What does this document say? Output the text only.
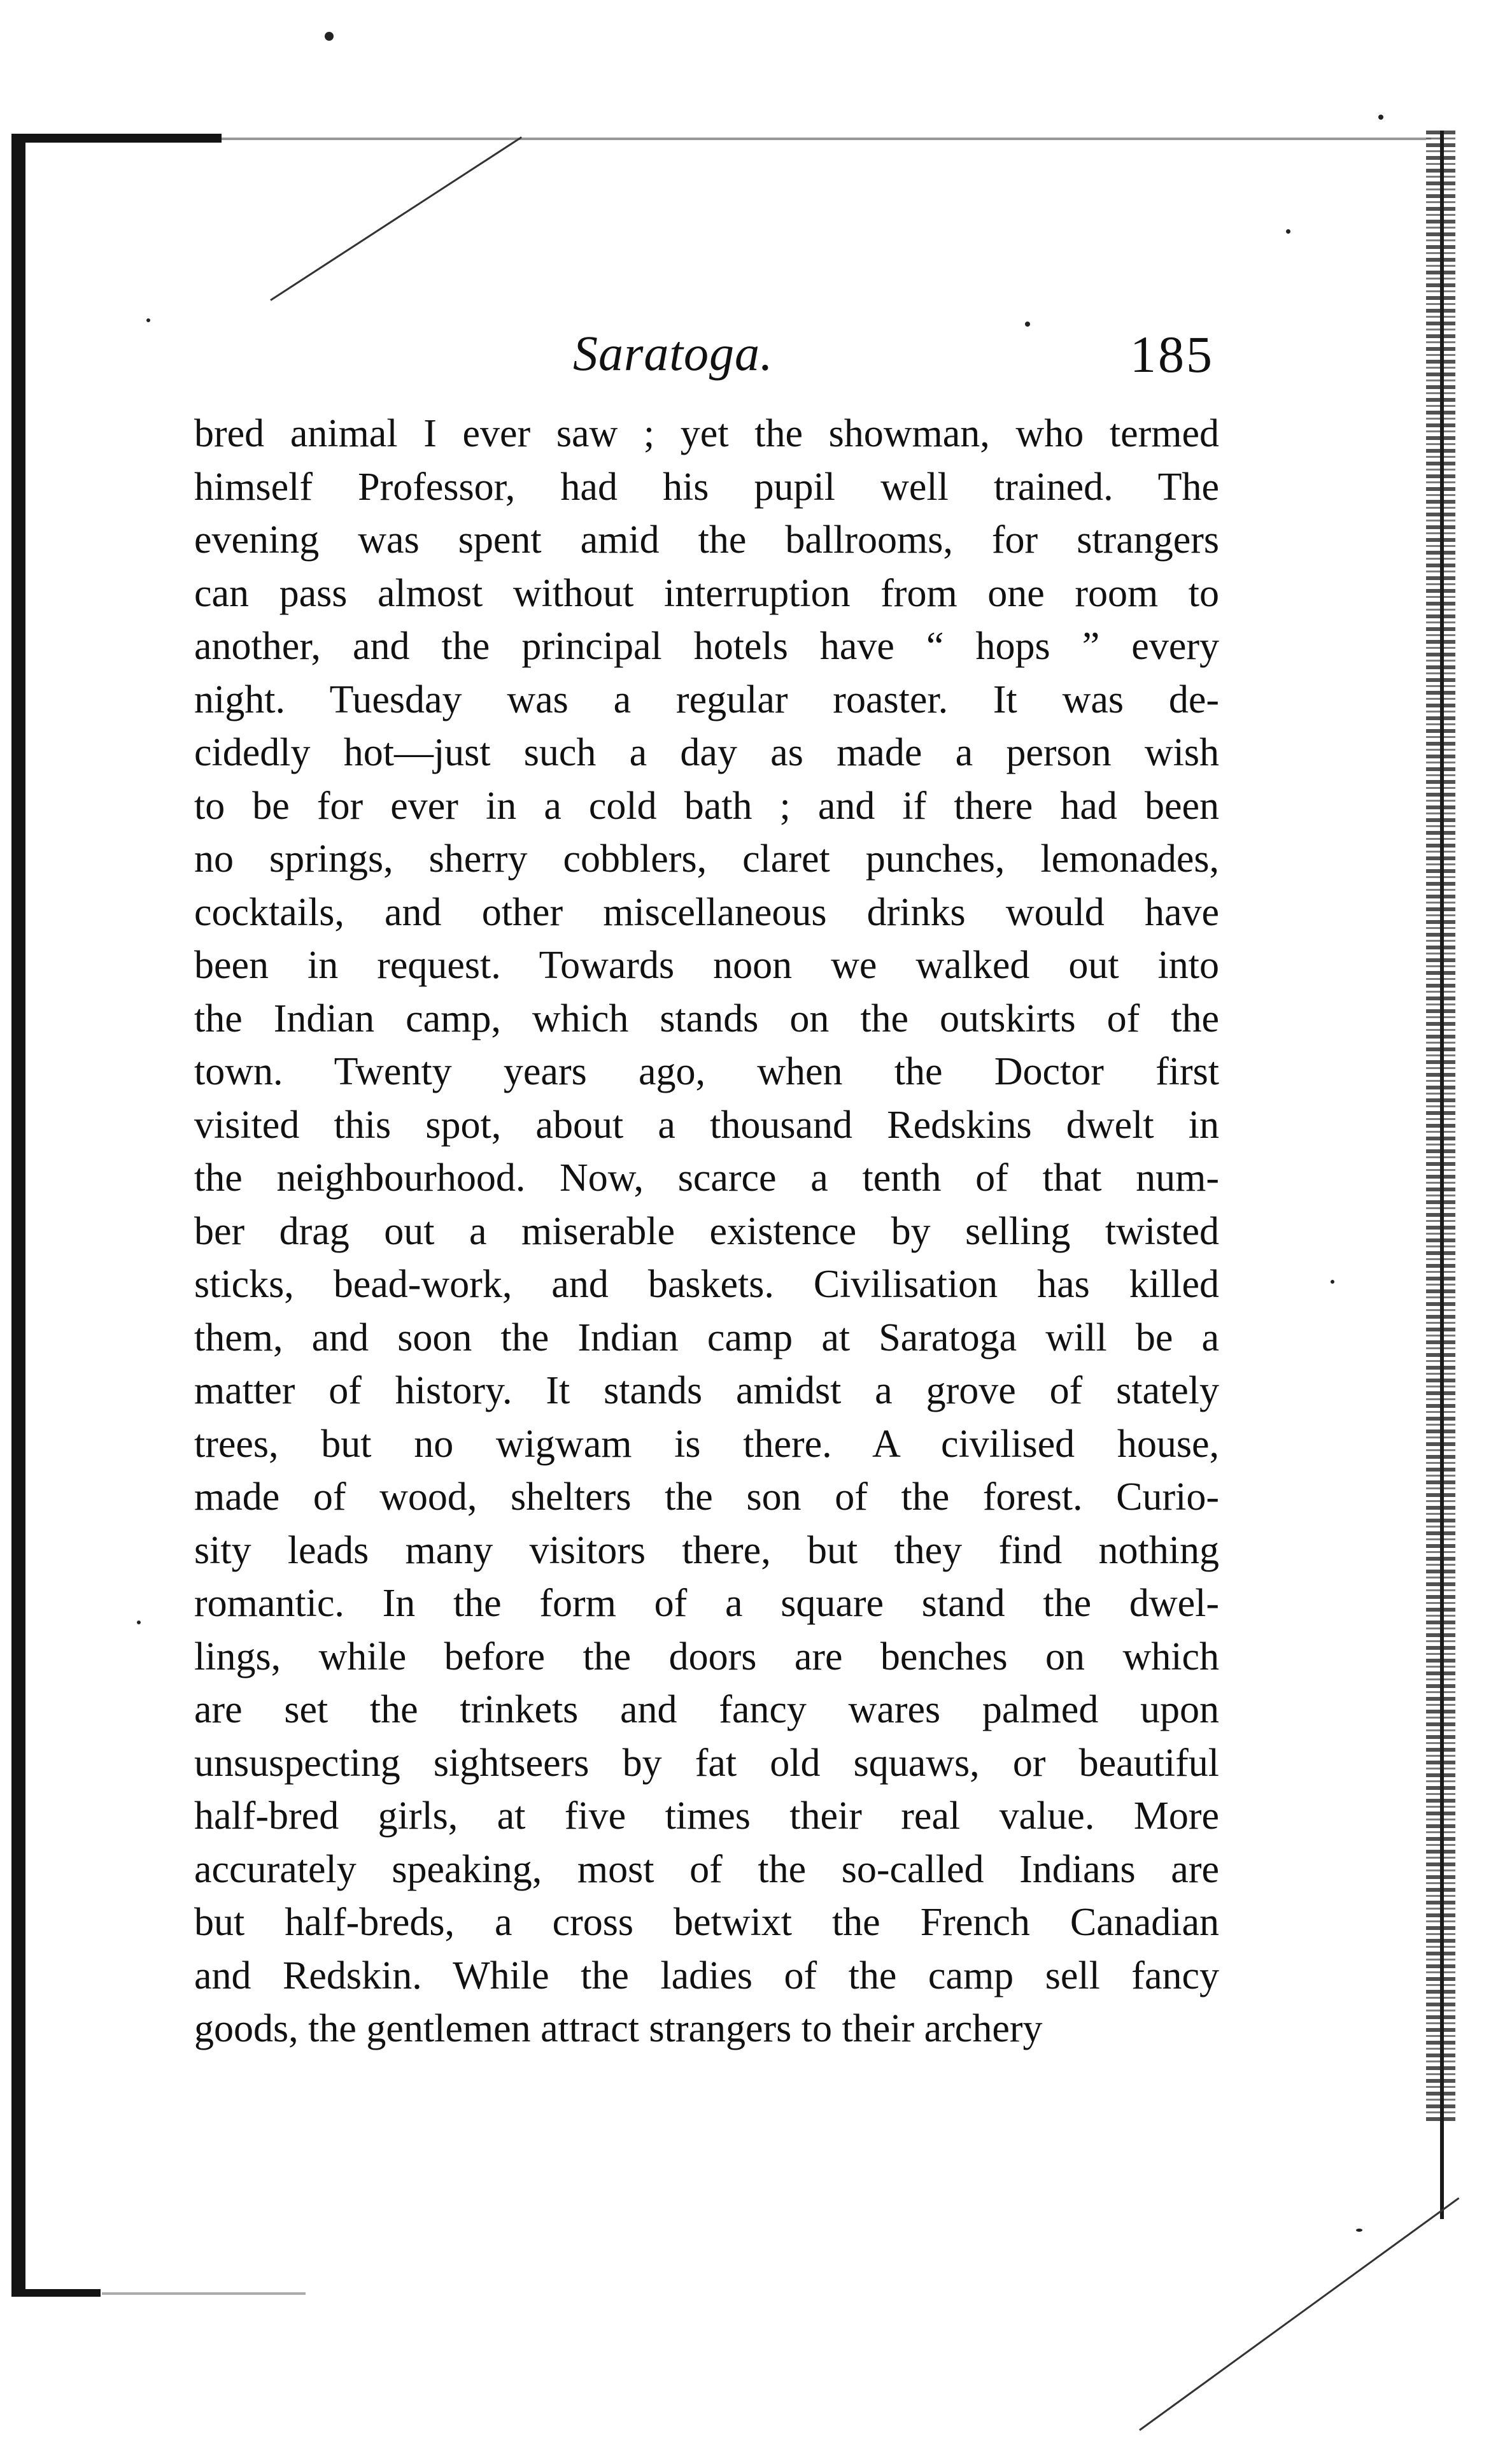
Saratoga.	185
bred animal I ever saw ; yet the showman, who termed
himself Professor, had his pupil well trained. The
evening was spent amid the ballrooms, for strangers
can pass almost without interruption from one room to
another, and the principal hotels have “ hops ” every
night. Tuesday was a regular roaster. It was de-
cidedly hot—just such a day as made a person wish
to be for ever in a cold bath ; and if there had been
no springs, sherry cobblers, claret punches, lemonades,
cocktails, and other miscellaneous drinks would have
been in request. Towards noon we walked out into
the Indian camp, which stands on the outskirts of the
town. Twenty years ago, when the Doctor first
visited this spot, about a thousand Redskins dwelt in
the neighbourhood. Now, scarce a tenth of that num-
ber drag out a miserable existence by selling twisted
sticks, bead-work, and baskets. Civilisation has killed
them, and soon the Indian camp at Saratoga will be a
matter of history. It stands amidst a grove of stately
trees, but no wigwam is there. A civilised house,
made of wood, shelters the son of the forest. Curio-
sity leads many visitors there, but they find nothing
romantic. In the form of a square stand the dwel-
lings, while before the doors are benches on which
are set the trinkets and fancy wares palmed upon
unsuspecting sightseers by fat old squaws, or beautiful
half-bred girls, at five times their real value. More
accurately speaking, most of the so-called Indians are
but half-breds, a cross betwixt the French Canadian
and Redskin. While the ladies of the camp sell fancy
goods, the gentlemen attract strangers to their archery
